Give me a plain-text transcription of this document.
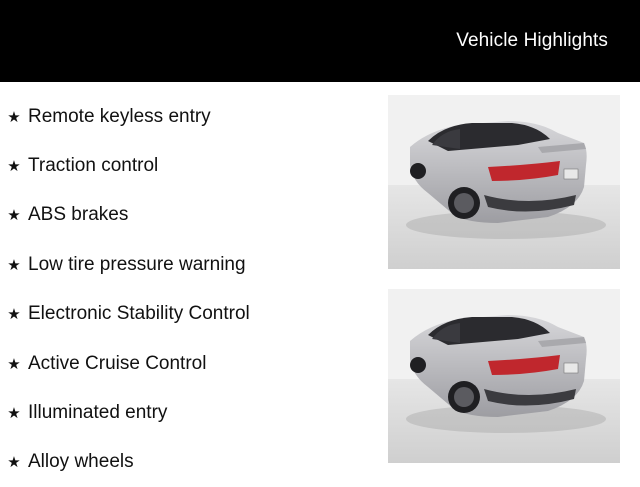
Vehicle Highlights
★ Remote keyless entry
★ Traction control
★ ABS brakes
★ Low tire pressure warning
★ Electronic Stability Control
★ Active Cruise Control
★ Illuminated entry
★ Alloy wheels
